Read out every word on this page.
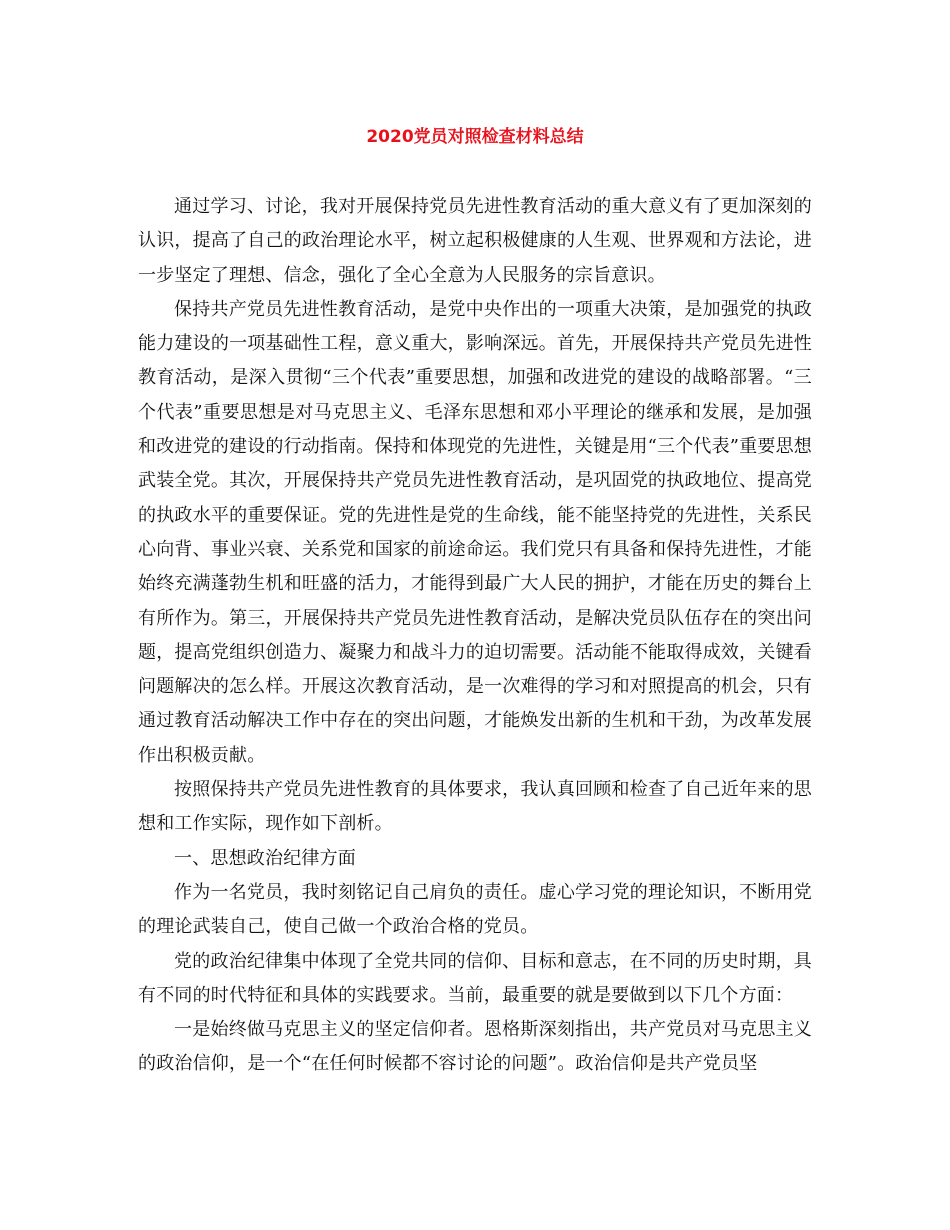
2020党员对照检查材料总结

通过学习、讨论，我对开展保持党员先进性教育活动的重大意义有了更加深刻的认识，提高了自己的政治理论水平，树立起积极健康的人生观、世界观和方法论，进一步坚定了理想、信念，强化了全心全意为人民服务的宗旨意识。

保持共产党员先进性教育活动，是党中央作出的一项重大决策，是加强党的执政能力建设的一项基础性工程，意义重大，影响深远。首先，开展保持共产党员先进性教育活动，是深入贯彻“三个代表”重要思想，加强和改进党的建设的战略部署。“三个代表”重要思想是对马克思主义、毛泽东思想和邓小平理论的继承和发展，是加强和改进党的建设的行动指南。保持和体现党的先进性，关键是用“三个代表”重要思想武装全党。其次，开展保持共产党员先进性教育活动，是巩固党的执政地位、提高党的执政水平的重要保证。党的先进性是党的生命线，能不能坚持党的先进性，关系民心向背、事业兴衰、关系党和国家的前途命运。我们党只有具备和保持先进性，才能始终充满蓬勃生机和旺盛的活力，才能得到最广大人民的拥护，才能在历史的舞台上有所作为。第三，开展保持共产党员先进性教育活动，是解决党员队伍存在的突出问题，提高党组织创造力、凝聚力和战斗力的迫切需要。活动能不能取得成效，关键看问题解决的怎么样。开展这次教育活动，是一次难得的学习和对照提高的机会，只有通过教育活动解决工作中存在的突出问题，才能焕发出新的生机和干劲，为改革发展作出积极贡献。

按照保持共产党员先进性教育的具体要求，我认真回顾和检查了自己近年来的思想和工作实际，现作如下剖析。

一、思想政治纪律方面

作为一名党员，我时刻铭记自己肩负的责任。虚心学习党的理论知识，不断用党的理论武装自己，使自己做一个政治合格的党员。

党的政治纪律集中体现了全党共同的信仰、目标和意志，在不同的历史时期，具有不同的时代特征和具体的实践要求。当前，最重要的就是要做到以下几个方面：

一是始终做马克思主义的坚定信仰者。恩格斯深刻指出，共产党员对马克思主义的政治信仰，是一个“在任何时候都不容讨论的问题”。政治信仰是共产党员坚
